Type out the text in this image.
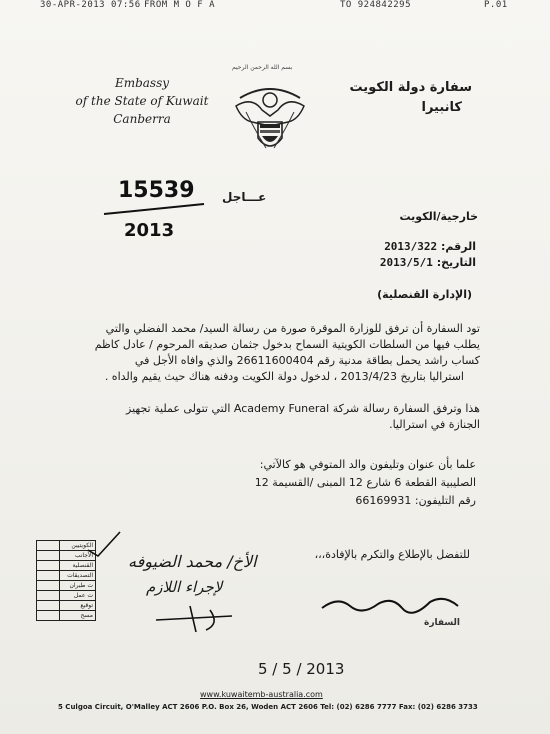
30-APR-2013 07:56 FROM M O F A	TO 924842295	P.01
Embassy
of the State of Kuwait
Canberra
بسم الله الرحمن الرحيم
سفارة دولة الكويت
كانبيرا
15539
2013
عـــاجل
خارجية/الكويت
الرقم: 2013/322
التاريخ: 2013/5/1
(الإدارة القنصلية)
تود السفارة أن ترفق للوزارة الموقرة صورة من رسالة السيد/ محمد الفضلي والتي
يطلب فيها من السلطات الكويتية السماح بدخول جثمان صديقه المرحوم / عادل كاظم
كساب راشد يحمل بطاقة مدنية رقم 26611600404 والذي وافاه الأجل في
استراليا بتاريخ 2013/4/23 ، لدخول دولة الكويت ودفنه هناك حيث يقيم والداه .
هذا وترفق السفارة رسالة شركة Academy Funeral التي تتولى عملية تجهيز
الجنازة في استراليا.
علما بأن عنوان وتليفون والد المتوفي هو كالآتي:
الصليبية القطعة 6 شارع 12 المبنى /القسيمة 12
رقم التليفون: 66169931
للتفضل بالإطلاع والتكرم بالإفادة،،،
السفارة
	الكويتيين
	الأجانب
	القنصلية
	التصديقات
	ت طيران
	ت عمل
	توقيع
	مسح
الأخ/ محمد الضيوفه
لإجراء اللازم
5 / 5 / 2013
www.kuwaitemb-australia.com
5 Culgoa Circuit, O'Malley ACT 2606 P.O. Box 26, Woden ACT 2606 Tel: (02) 6286 7777 Fax: (02) 6286 3733
